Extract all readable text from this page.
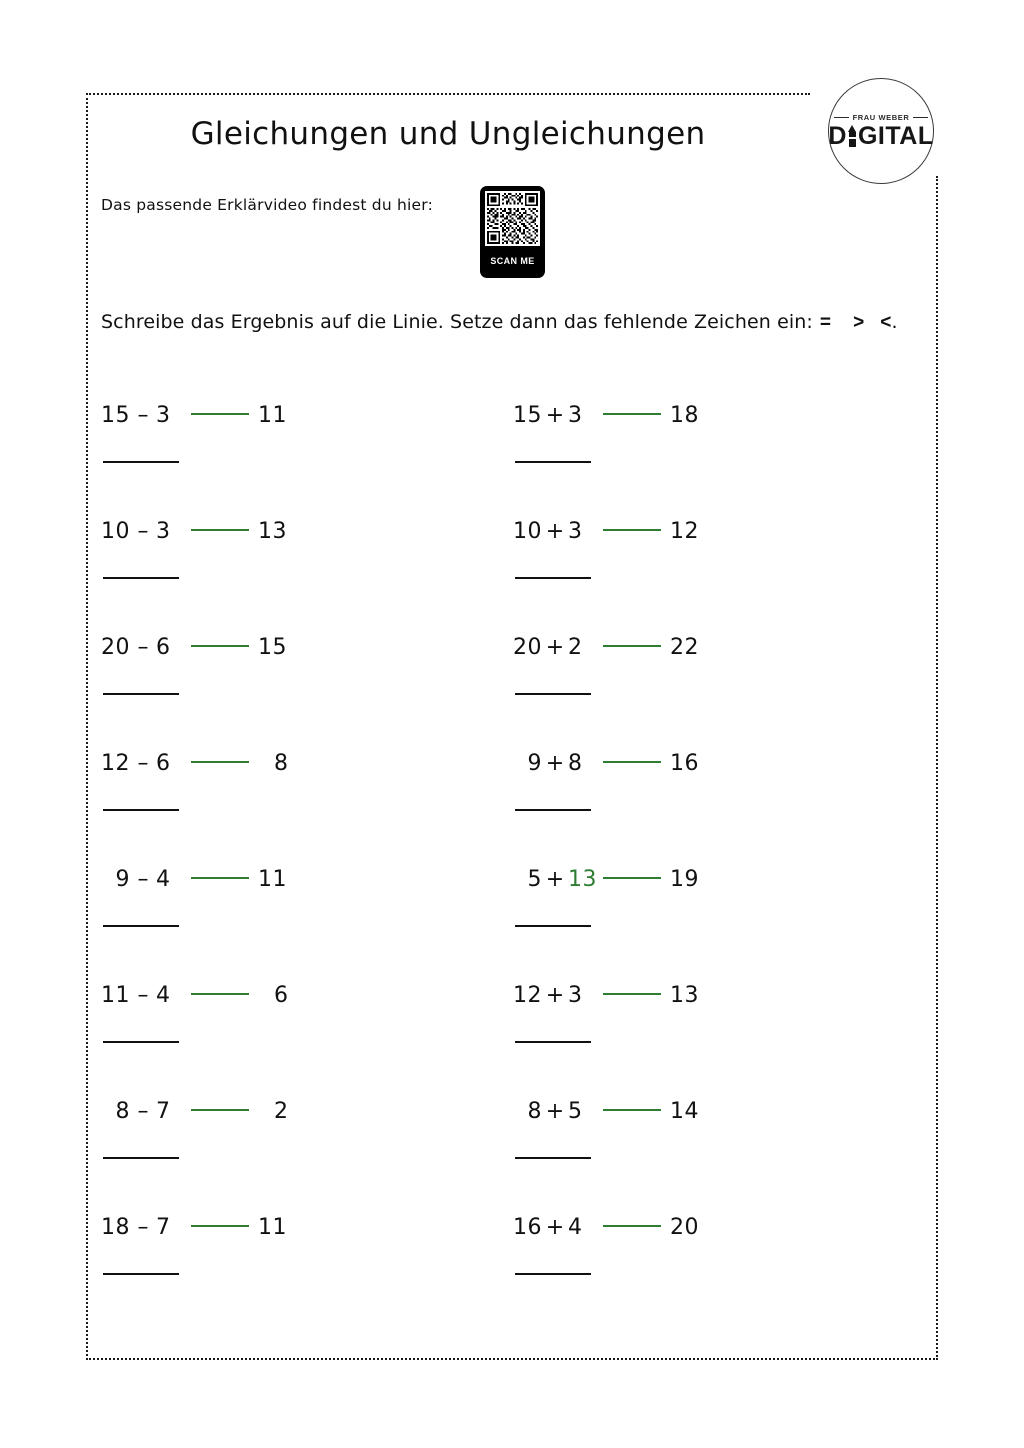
FRAU WEBER
D GITAL
Gleichungen und Ungleichungen
Das passende Erklärvideo findest du hier:
SCAN ME
Schreibe das Ergebnis auf die Linie. Setze dann das fehlende Zeichen ein: = > < .
15 – 3	11	15 + 3	18
10 – 3	13	10 + 3	12
20 – 6	15	20 + 2	22
12 – 6	8	9 + 8	16
9 – 4	11	5 + 13	19
11 – 4	6	12 + 3	13
8 – 7	2	8 + 5	14
18 – 7	11	16 + 4	20
